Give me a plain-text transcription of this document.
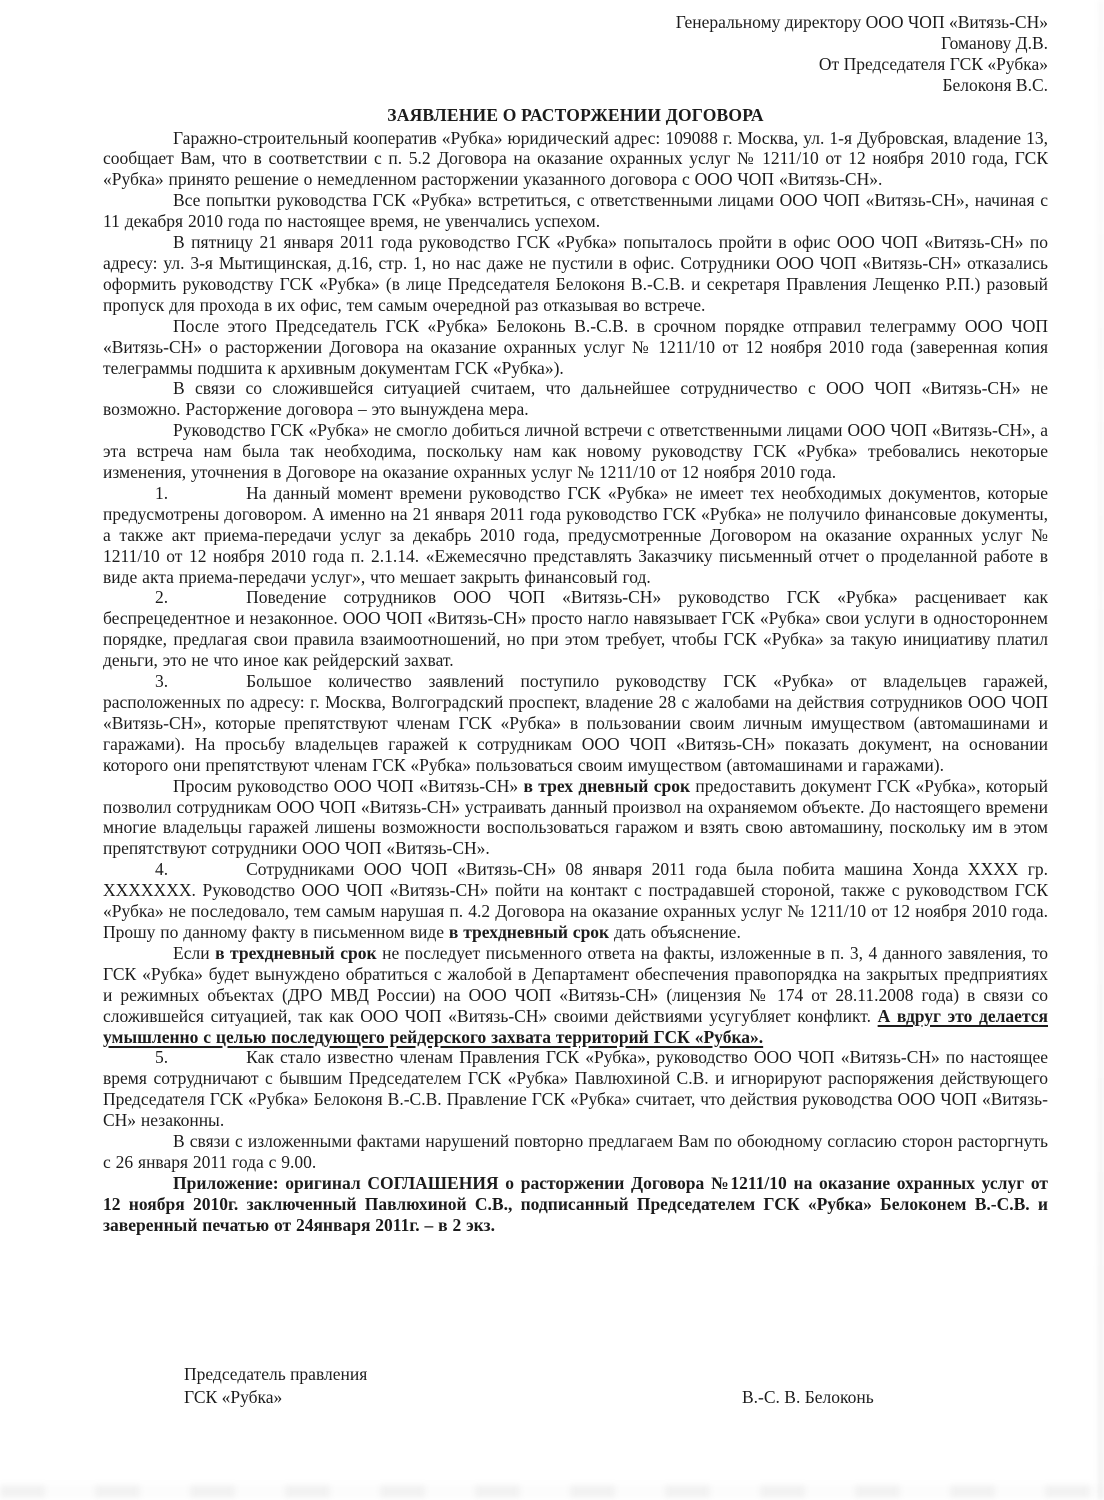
Генеральному директору ООО ЧОП «Витязь-СН»
Гоманову Д.В.
От Председателя ГСК «Рубка»
Белоконя В.С.
ЗАЯВЛЕНИЕ О РАСТОРЖЕНИИ ДОГОВОРА

Гаражно-строительный кооператив «Рубка» юридический адрес: 109088 г. Москва, ул. 1-я Дубровская, владение 13, сообщает Вам, что в соответствии с п. 5.2 Договора на оказание охранных услуг № 1211/10 от 12 ноября 2010 года, ГСК «Рубка» принято решение о немедленном расторжении указанного договора с ООО ЧОП «Витязь-СН».

Все попытки руководства ГСК «Рубка» встретиться, с ответственными лицами ООО ЧОП «Витязь-СН», начиная с 11 декабря 2010 года по настоящее время, не увенчались успехом.

В пятницу 21 января 2011 года руководство ГСК «Рубка» попыталось пройти в офис ООО ЧОП «Витязь-СН» по адресу: ул. 3-я Мытищинская, д.16, стр. 1, но нас даже не пустили в офис. Сотрудники ООО ЧОП «Витязь-СН» отказались оформить руководству ГСК «Рубка» (в лице Председателя Белоконя В.-С.В. и секретаря Правления Лещенко Р.П.) разовый пропуск для прохода в их офис, тем самым очередной раз отказывая во встрече.

После этого Председатель ГСК «Рубка» Белоконь В.-С.В. в срочном порядке отправил телеграмму ООО ЧОП «Витязь-СН» о расторжении Договора на оказание охранных услуг № 1211/10 от 12 ноября 2010 года (заверенная копия телеграммы подшита к архивным документам ГСК «Рубка»).

В связи со сложившейся ситуацией считаем, что дальнейшее сотрудничество с ООО ЧОП «Витязь-СН» не возможно. Расторжение договора – это вынуждена мера.

Руководство ГСК «Рубка» не смогло добиться личной встречи с ответственными лицами ООО ЧОП «Витязь-СН», а эта встреча нам была так необходима, поскольку нам как новому руководству ГСК «Рубка» требовались некоторые изменения, уточнения в Договоре на оказание охранных услуг № 1211/10 от 12 ноября 2010 года.

1.	На данный момент времени руководство ГСК «Рубка» не имеет тех необходимых документов, которые предусмотрены договором. А именно на 21 января 2011 года руководство ГСК «Рубка» не получило финансовые документы, а также акт приема-передачи услуг за декабрь 2010 года, предусмотренные Договором на оказание охранных услуг № 1211/10 от 12 ноября 2010 года п. 2.1.14. «Ежемесячно представлять Заказчику письменный отчет о проделанной работе в виде акта приема-передачи услуг», что мешает закрыть финансовый год.

2.	Поведение сотрудников ООО ЧОП «Витязь-СН» руководство ГСК «Рубка» расценивает как беспрецедентное и незаконное. ООО ЧОП «Витязь-СН» просто нагло навязывает ГСК «Рубка» свои услуги в одностороннем порядке, предлагая свои правила взаимоотношений, но при этом требует, чтобы ГСК «Рубка» за такую инициативу платил деньги, это не что иное как рейдерский захват.

3.	Большое количество заявлений поступило руководству ГСК «Рубка» от владельцев гаражей, расположенных по адресу: г. Москва, Волгоградский проспект, владение 28 с жалобами на действия сотрудников ООО ЧОП «Витязь-СН», которые препятствуют членам ГСК «Рубка» в пользовании своим личным имуществом (автомашинами и гаражами). На просьбу владельцев гаражей к сотрудникам ООО ЧОП «Витязь-СН» показать документ, на основании которого они препятствуют членам ГСК «Рубка» пользоваться своим имуществом (автомашинами и гаражами).

Просим руководство ООО ЧОП «Витязь-СН» в трех дневный срок предоставить документ ГСК «Рубка», который позволил сотрудникам ООО ЧОП «Витязь-СН» устраивать данный произвол на охраняемом объекте. До настоящего времени многие владельцы гаражей лишены возможности воспользоваться гаражом и взять свою автомашину, поскольку им в этом препятствуют сотрудники ООО ЧОП «Витязь-СН».

4.	Сотрудниками ООО ЧОП «Витязь-СН» 08 января 2011 года была побита машина Хонда ХХХХ гр. ХХХХХХХ. Руководство ООО ЧОП «Витязь-СН» пойти на контакт с пострадавшей стороной, также с руководством ГСК «Рубка» не последовало, тем самым нарушая п. 4.2 Договора на оказание охранных услуг № 1211/10 от 12 ноября 2010 года. Прошу по данному факту в письменном виде в трехдневный срок дать объяснение.

Если в трехдневный срок не последует письменного ответа на факты, изложенные в п. 3, 4 данного завяления, то ГСК «Рубка» будет вынуждено обратиться с жалобой в Департамент обеспечения правопорядка на закрытых предприятиях и режимных объектах (ДРО МВД России) на ООО ЧОП «Витязь-СН» (лицензия № 174 от 28.11.2008 года) в связи со сложившейся ситуацией, так как ООО ЧОП «Витязь-СН» своими действиями усугубляет конфликт. А вдруг это делается умышленно с целью последующего рейдерского захвата территорий ГСК «Рубка».

5.	Как стало известно членам Правления ГСК «Рубка», руководство ООО ЧОП «Витязь-СН» по настоящее время сотрудничают с бывшим Председателем ГСК «Рубка» Павлюхиной С.В. и игнорируют распоряжения действующего Председателя ГСК «Рубка» Белоконя В.-С.В. Правление ГСК «Рубка» считает, что действия руководства ООО ЧОП «Витязь-СН» незаконны.

В связи с изложенными фактами нарушений повторно предлагаем Вам по обоюдному согласию сторон расторгнуть с 26 января 2011 года с 9.00.

Приложение: оригинал СОГЛАШЕНИЯ о расторжении Договора №1211/10 на оказание охранных услуг от 12 ноября 2010г. заключенный Павлюхиной С.В., подписанный Председателем ГСК «Рубка» Белоконем В.-С.В. и заверенный печатью от 24января 2011г. – в 2 экз.

Председатель правления
ГСК «Рубка»	В.-С. В. Белоконь
